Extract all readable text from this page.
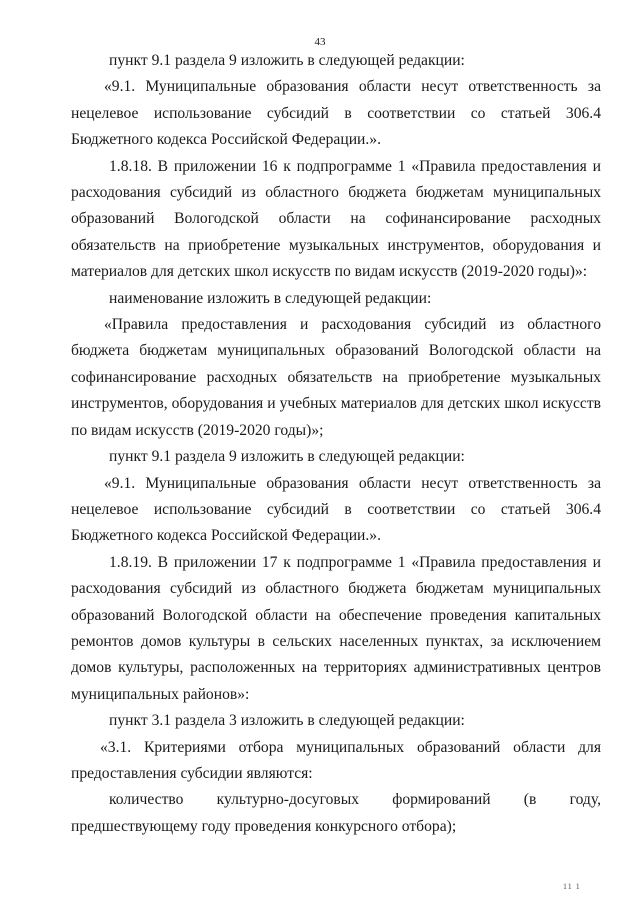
43

пункт 9.1 раздела 9 изложить в следующей редакции:

«9.1. Муниципальные образования области несут ответственность за нецелевое использование субсидий в соответствии со статьей 306.4 Бюджетного кодекса Российской Федерации.».

1.8.18. В приложении 16 к подпрограмме 1 «Правила предоставления и расходования субсидий из областного бюджета бюджетам муниципальных образований Вологодской области на софинансирование расходных обязательств на приобретение музыкальных инструментов, оборудования и материалов для детских школ искусств по видам искусств (2019-2020 годы)»:

наименование изложить в следующей редакции:

«Правила предоставления и расходования субсидий из областного бюджета бюджетам муниципальных образований Вологодской области на софинансирование расходных обязательств на приобретение музыкальных инструментов, оборудования и учебных материалов для детских школ искусств по видам искусств (2019-2020 годы)»;

пункт 9.1 раздела 9 изложить в следующей редакции:

«9.1. Муниципальные образования области несут ответственность за нецелевое использование субсидий в соответствии со статьей 306.4 Бюджетного кодекса Российской Федерации.».

1.8.19. В приложении 17 к подпрограмме 1 «Правила предоставления и расходования субсидий из областного бюджета бюджетам муниципальных образований Вологодской области на обеспечение проведения капитальных ремонтов домов культуры в сельских населенных пунктах, за исключением домов культуры, расположенных на территориях административных центров муниципальных районов»:

пункт 3.1 раздела 3 изложить в следующей редакции:

«3.1. Критериями отбора муниципальных образований области для предоставления субсидии являются:

количество культурно-досуговых формирований (в году, предшествующему году проведения конкурсного отбора);

11 1
